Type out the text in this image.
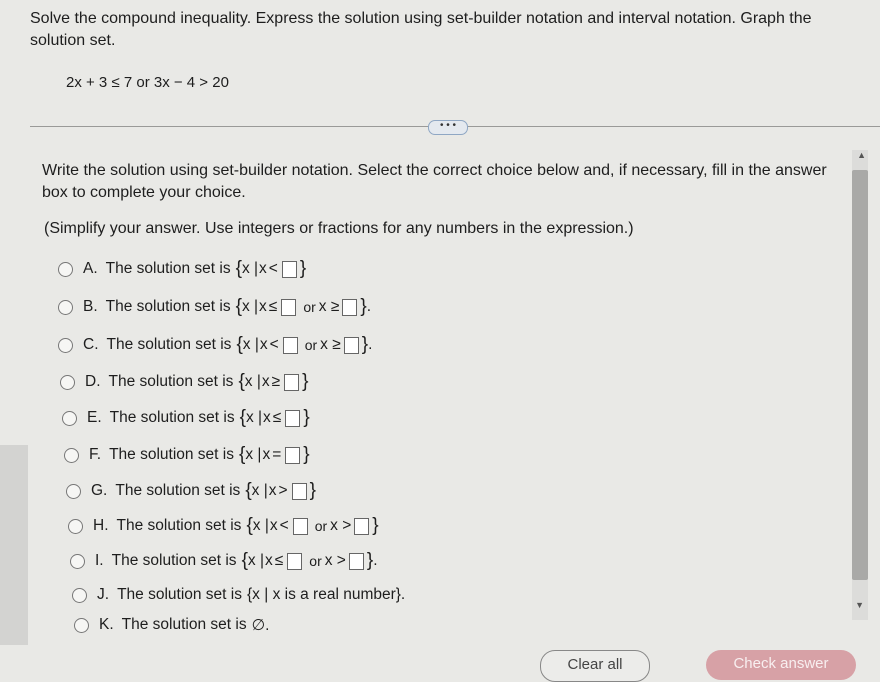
Solve the compound inequality. Express the solution using set-builder notation and interval notation. Graph the solution set.
2x + 3 ≤ 7 or 3x − 4 > 20
• • •
Write the solution using set-builder notation. Select the correct choice below and, if necessary, fill in the answer box to complete your choice.
(Simplify your answer. Use integers or fractions for any numbers in the expression.)
A. The solution set is { x | x < }
B. The solution set is { x | x ≤ or x ≥ } .
C. The solution set is { x | x < or x ≥ } .
D. The solution set is { x | x ≥ }
E. The solution set is { x | x ≤ }
F. The solution set is { x | x = }
G. The solution set is { x | x > }
H. The solution set is { x | x < or x > }
I. The solution set is { x | x ≤ or x > } .
J. The solution set is {x | x is a real number}.
K. The solution set is ∅.
▲
▼
Clear all	Check answer
